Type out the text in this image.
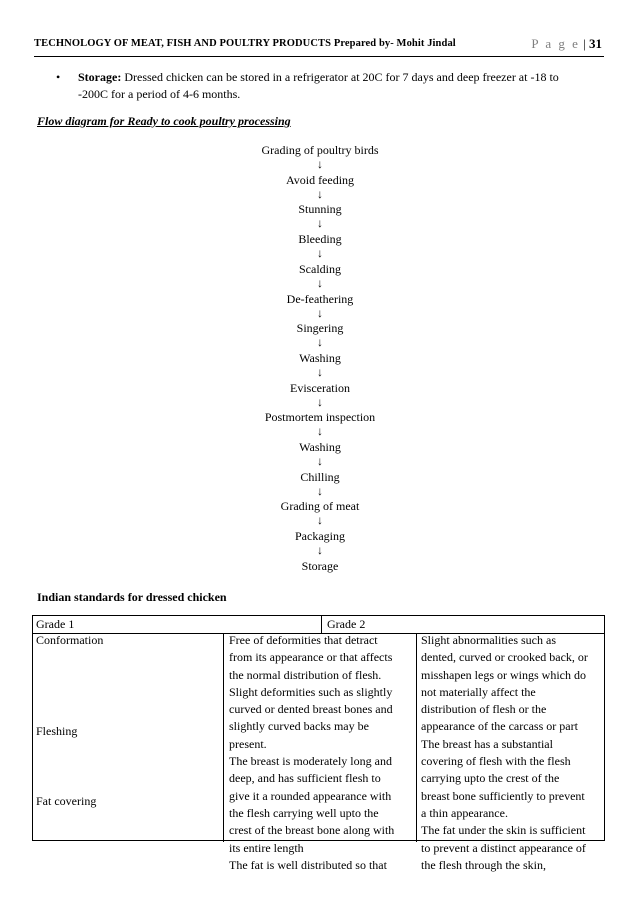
TECHNOLOGY OF MEAT, FISH AND POULTRY PRODUCTS Prepared by- Mohit Jindal	P a g e | 31
• Storage: Dressed chicken can be stored in a refrigerator at 20C for 7 days and deep freezer at -18 to
-200C for a period of 4-6 months.
Flow diagram for Ready to cook poultry processing
Grading of poultry birds
↓
Avoid feeding
↓
Stunning
↓
Bleeding
↓
Scalding
↓
De-feathering
↓
Singering
↓
Washing
↓
Evisceration
↓
Postmortem inspection
↓
Washing
↓
Chilling
↓
Grading of meat
↓
Packaging
↓
Storage
Indian standards for dressed chicken
Grade 1	Grade 2
Conformation
Fleshing
Fat covering
Free of deformities that detract
from its appearance or that affects
the normal distribution of flesh.
Slight deformities such as slightly
curved or dented breast bones and
slightly curved backs may be
present.
The breast is moderately long and
deep, and has sufficient flesh to
give it a rounded appearance with
the flesh carrying well upto the
crest of the breast bone along with
its entire length
The fat is well distributed so that
Slight abnormalities such as
dented, curved or crooked back, or
misshapen legs or wings which do
not materially affect the
distribution of flesh or the
appearance of the carcass or part
The breast has a substantial
covering of flesh with the flesh
carrying upto the crest of the
breast bone sufficiently to prevent
a thin appearance.
The fat under the skin is sufficient
to prevent a distinct appearance of
the flesh through the skin,
